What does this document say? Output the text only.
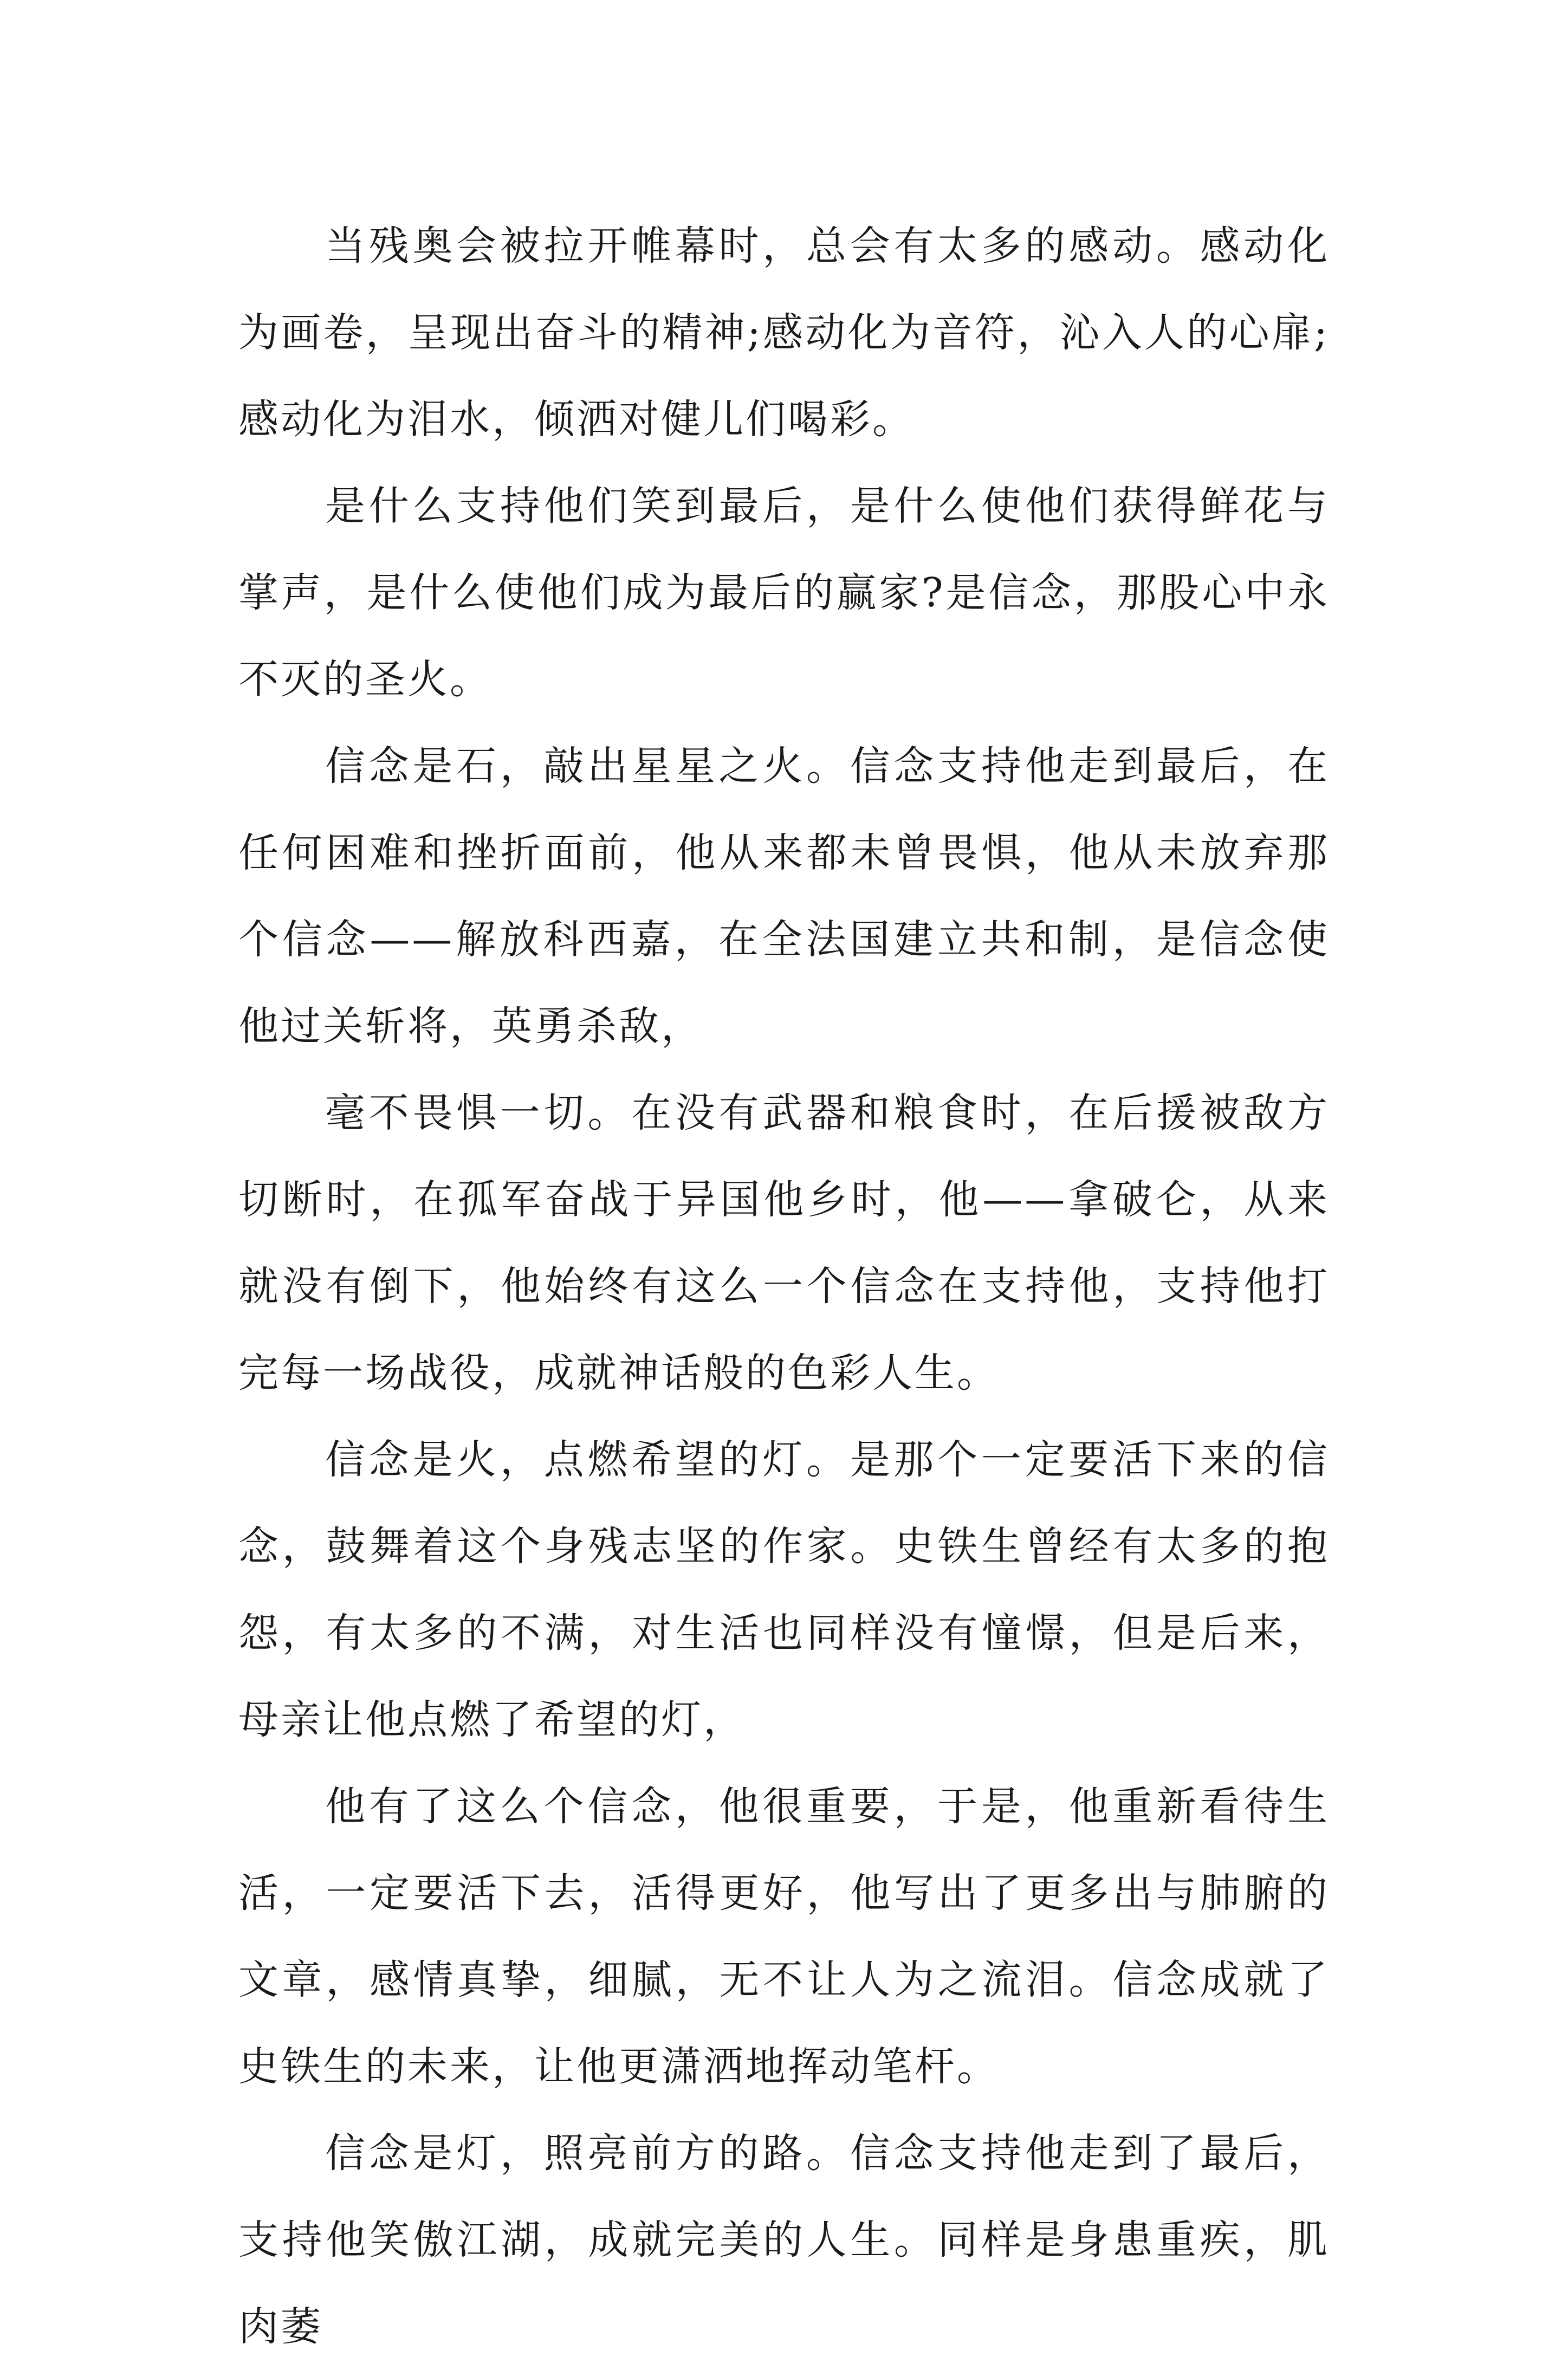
当残奥会被拉开帷幕时，总会有太多的感动。感动化为画卷，呈现出奋斗的精神;感动化为音符，沁入人的心扉;感动化为泪水，倾洒对健儿们喝彩。

是什么支持他们笑到最后，是什么使他们获得鲜花与掌声，是什么使他们成为最后的赢家?是信念，那股心中永不灭的圣火。

信念是石，敲出星星之火。信念支持他走到最后，在任何困难和挫折面前，他从来都未曾畏惧，他从未放弃那个信念——解放科西嘉，在全法国建立共和制，是信念使他过关斩将，英勇杀敌，

毫不畏惧一切。在没有武器和粮食时，在后援被敌方切断时，在孤军奋战于异国他乡时，他——拿破仑，从来就没有倒下，他始终有这么一个信念在支持他，支持他打完每一场战役，成就神话般的色彩人生。

信念是火，点燃希望的灯。是那个一定要活下来的信念，鼓舞着这个身残志坚的作家。史铁生曾经有太多的抱怨，有太多的不满，对生活也同样没有憧憬，但是后来，母亲让他点燃了希望的灯，

他有了这么个信念，他很重要，于是，他重新看待生活，一定要活下去，活得更好，他写出了更多出与肺腑的文章，感情真挚，细腻，无不让人为之流泪。信念成就了史铁生的未来，让他更潇洒地挥动笔杆。

信念是灯，照亮前方的路。信念支持他走到了最后，支持他笑傲江湖，成就完美的人生。同样是身患重疾，肌肉萎
